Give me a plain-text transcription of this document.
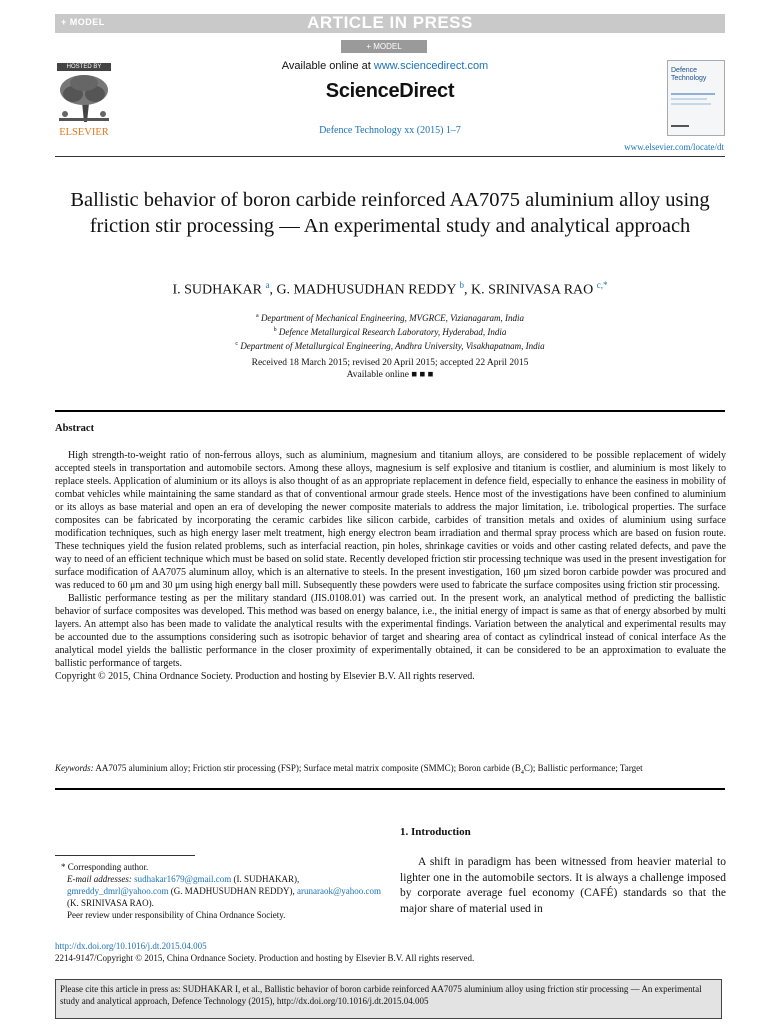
+ MODEL	ARTICLE IN PRESS
+ MODEL
HOSTED BY
ELSEVIER
Available online at www.sciencedirect.com
ScienceDirect
Defence Technology xx (2015) 1–7
Defence
Technology
www.elsevier.com/locate/dt
Ballistic behavior of boron carbide reinforced AA7075 aluminium alloy using friction stir processing — An experimental study and analytical approach
I. SUDHAKAR $^a$, G. MADHUSUDHAN REDDY $^b$, K. SRINIVASA RAO $^{c,*}$
$^a$ Department of Mechanical Engineering, MVGRCE, Vizianagaram, India
$^b$ Defence Metallurgical Research Laboratory, Hyderabad, India
$^c$ Department of Metallurgical Engineering, Andhra University, Visakhapatnam, India
Received 18 March 2015; revised 20 April 2015; accepted 22 April 2015
Available online ■ ■ ■
Abstract

High strength-to-weight ratio of non-ferrous alloys, such as aluminium, magnesium and titanium alloys, are considered to be possible replacement of widely accepted steels in transportation and automobile sectors. Among these alloys, magnesium is self explosive and titanium is costlier, and aluminium is most likely to replace steels. Application of aluminium or its alloys is also thought of as an appropriate replacement in defence field, especially to enhance the easiness in mobility of combat vehicles while maintaining the same standard as that of conventional armour grade steels. Hence most of the investigations have been confined to aluminium or its alloys as base material and open an era of developing the newer composite materials to address the major limitation, i.e. tribological properties. The surface composites can be fabricated by incorporating the ceramic carbides like silicon carbide, carbides of transition metals and oxides of aluminium using surface modification techniques, such as high energy laser melt treatment, high energy electron beam irradiation and thermal spray process which are based on fusion route. These techniques yield the fusion related problems, such as interfacial reaction, pin holes, shrinkage cavities or voids and other casting related defects, and pave the way to need of an efficient technique which must be based on solid state. Recently developed friction stir processing technique was used in the present investigation for surface modification of AA7075 aluminum alloy, which is an alternative to steels. In the present investigation, 160 μm sized boron carbide powder was procured and was reduced to 60 μm and 30 μm using high energy ball mill. Subsequently these powders were used to fabricate the surface composites using friction stir processing.

Ballistic performance testing as per the military standard (JIS.0108.01) was carried out. In the present work, an analytical method of predicting the ballistic behavior of surface composites was developed. This method was based on energy balance, i.e., the initial energy of impact is same as that of energy absorbed by multi layers. An attempt also has been made to validate the analytical results with the experimental findings. Variation between the analytical and experimental results may be accounted due to the assumptions considering such as isotropic behavior of target and shearing area of contact as cylindrical instead of conical interface As the analytical model yields the ballistic performance in the closer proximity of experimentally obtained, it can be considered to be an approximation to evaluate the ballistic performance of targets.

Copyright © 2015, China Ordnance Society. Production and hosting by Elsevier B.V. All rights reserved.

Keywords: AA7075 aluminium alloy; Friction stir processing (FSP); Surface metal matrix composite (SMMC); Boron carbide $(B_4C)$; Ballistic performance; Target
1. Introduction

A shift in paradigm has been witnessed from heavier material to lighter one in the automobile sectors. It is always a challenge imposed by corporate average fuel economy (CAFÉ) standards so that the major share of material used in

* Corresponding author.

E-mail addresses: sudhakar1679@gmail.com (I. SUDHAKAR), gmreddy_dmrl@yahoo.com (G. MADHUSUDHAN REDDY), arunaraok@yahoo.com (K. SRINIVASA RAO).

Peer review under responsibility of China Ordnance Society.

http://dx.doi.org/10.1016/j.dt.2015.04.005
2214-9147/Copyright © 2015, China Ordnance Society. Production and hosting by Elsevier B.V. All rights reserved.
Please cite this article in press as: SUDHAKAR I, et al., Ballistic behavior of boron carbide reinforced AA7075 aluminium alloy using friction stir processing — An experimental study and analytical approach, Defence Technology (2015), http://dx.doi.org/10.1016/j.dt.2015.04.005
